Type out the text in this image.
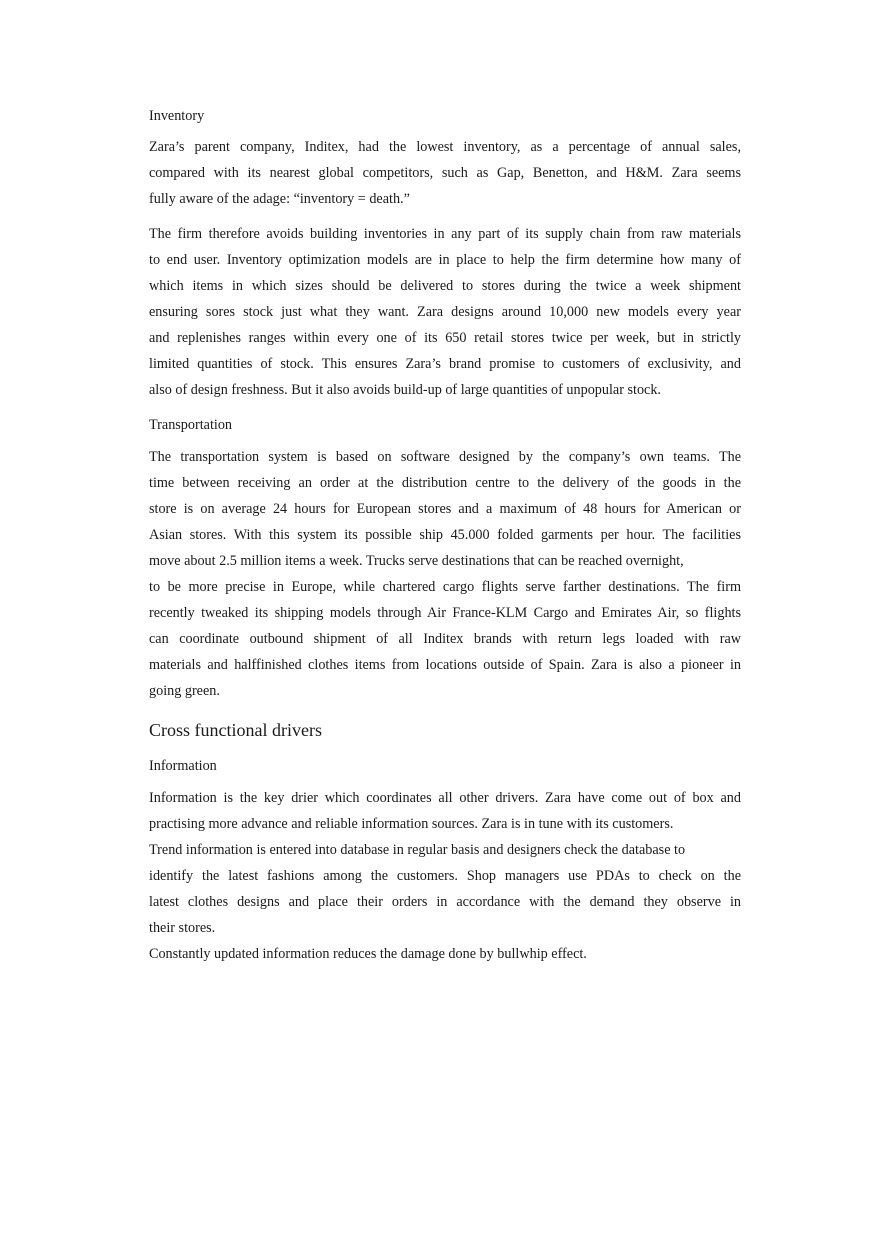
Inventory
Zara’s parent company, Inditex, had the lowest inventory, as a percentage of annual sales,
compared with its nearest global competitors, such as Gap, Benetton, and H&M. Zara seems
fully aware of the adage: “inventory = death.”
The firm therefore avoids building inventories in any part of its supply chain from raw materials
to end user. Inventory optimization models are in place to help the firm determine how many of
which items in which sizes should be delivered to stores during the twice a week shipment
ensuring sores stock just what they want. Zara designs around 10,000 new models every year
and replenishes ranges within every one of its 650 retail stores twice per week, but in strictly
limited quantities of stock. This ensures Zara’s brand promise to customers of exclusivity, and
also of design freshness. But it also avoids build-up of large quantities of unpopular stock.
Transportation
The transportation system is based on software designed by the company’s own teams. The
time between receiving an order at the distribution centre to the delivery of the goods in the
store is on average 24 hours for European stores and a maximum of 48 hours for American or
Asian stores. With this system its possible ship 45.000 folded garments per hour. The facilities
move about 2.5 million items a week. Trucks serve destinations that can be reached overnight,
to be more precise in Europe, while chartered cargo flights serve farther destinations. The firm
recently tweaked its shipping models through Air France-KLM Cargo and Emirates Air, so flights
can coordinate outbound shipment of all Inditex brands with return legs loaded with raw
materials and halffinished clothes items from locations outside of Spain. Zara is also a pioneer in
going green.
Cross functional drivers
Information
Information is the key drier which coordinates all other drivers. Zara have come out of box and
practising more advance and reliable information sources. Zara is in tune with its customers.
Trend information is entered into database in regular basis and designers check the database to
identify the latest fashions among the customers. Shop managers use PDAs to check on the
latest clothes designs and place their orders in accordance with the demand they observe in
their stores.
Constantly updated information reduces the damage done by bullwhip effect.
